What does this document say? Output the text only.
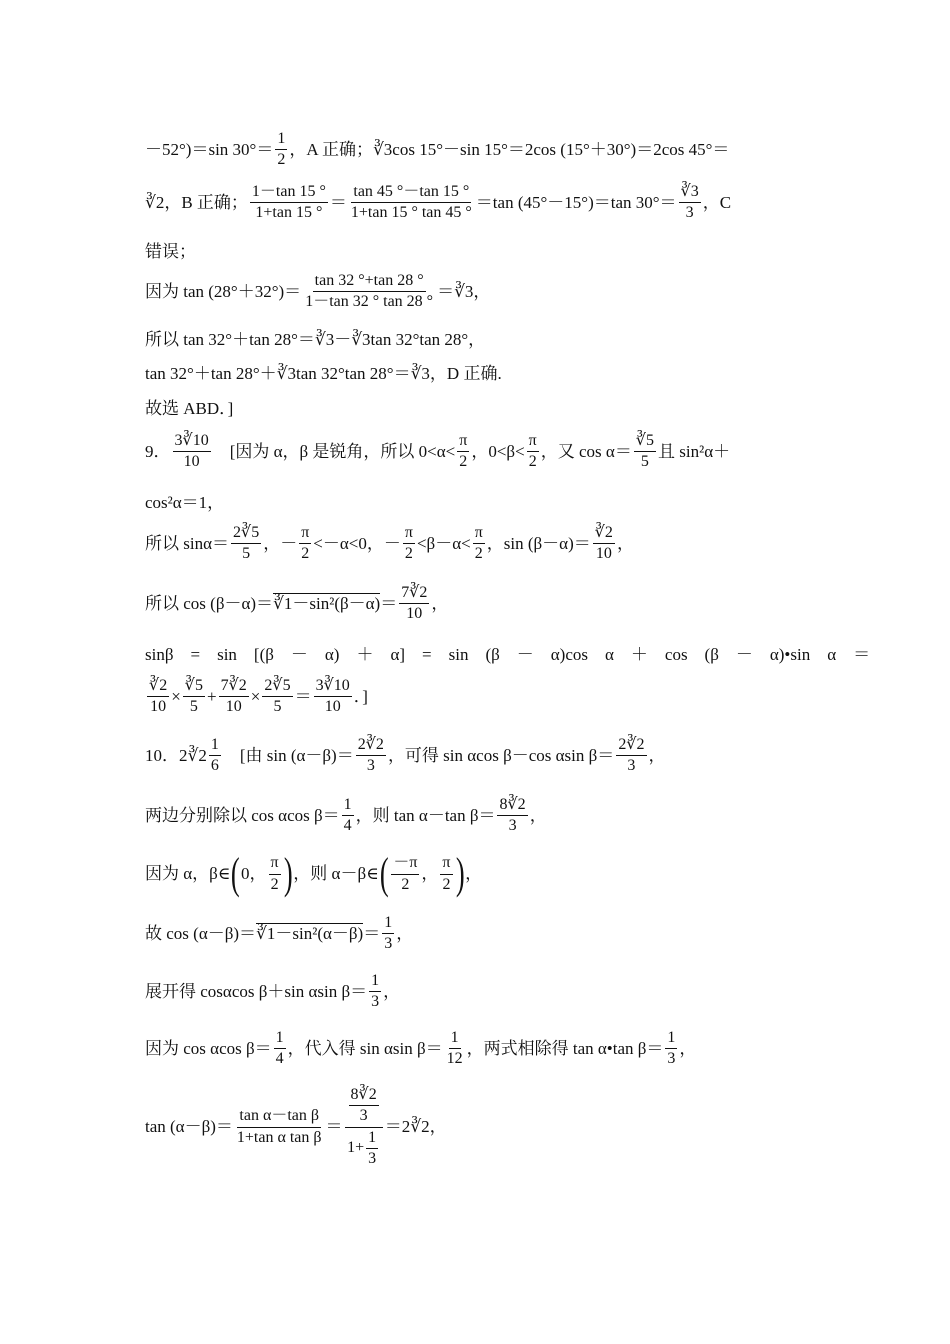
－52°)＝sin $30^\circ= \frac{1}{2}$ ，A 正确；∛3cos 15°－sin 15°＝2cos (15°＋30°)＝2cos 45°＝
∛2，B 正确； $\frac{1-\tan 15 ^\circ}{1+\tan 15 ^\circ} = \frac{\tan 45 ^\circ-\tan 15 ^\circ}{1+\tan 15 ^\circ \tan 45 ^\circ} =\tan$ (45°－15°)＝tan $30^\circ= \frac{∛3}{3}$ ，C
错误；
因为 $\tan (28^\circ+32^\circ)= \frac{\tan 32 ^\circ+\tan 28 ^\circ}{1-\tan 32 ^\circ \tan 28 ^\circ}$ ＝∛3，
所以 tan 32°＋tan 28°＝∛3－∛3tan 32°tan 28°，
tan 32°＋tan 28°＋∛3tan 32°tan 28°＝∛3，D 正确.
故选 ABD．]
9． $\frac{3∛10}{10}$ 　[因为 α，β 是锐角，所以 $0<\alpha< \frac{\pi}{2}$ ，$0<\beta< \frac{\pi}{2}$ ，又 $\cos \alpha= \frac{∛5}{5}$ 且 sin²α＋
cos²α＝1，
所以 $\sin\alpha= \frac{2∛5}{5}$ ，－ $\frac{\pi}{2} <-\alpha<0$，－ $\frac{\pi}{2} <\beta-\alpha< \frac{\pi}{2}$ ，$\sin (\beta-\alpha)= \frac{∛2}{10}$ ，
所以 cos (β－α)＝ ∛1－sin²(β－α) ＝ $\frac{7∛2}{10}$ ，
sinβ　=　sin　[(β　－　α)　＋　α]　=　sin　(β　－　α)cos　α　＋　cos　(β　－　α)•sin　α　＝
$\frac{∛2}{10} \times \frac{∛5}{5} + \frac{7∛2}{10} \times \frac{2∛5}{5} = \frac{3∛10}{10}$ ．]
10．2∛2 $\frac{1}{6}$ 　[由 $\sin (\alpha-\beta)= \frac{2∛2}{3}$ ，可得 sin αcos β－cos αsin $\beta= \frac{2∛2}{3}$ ，
两边分别除以 cos αcos $\beta= \frac{1}{4}$ ，则 tan α－tan $\beta= \frac{8∛2}{3}$ ，
因为 α，β∈ ( 0， $\frac{\pi}{2}$ ) ，则 α－β∈ ( $\frac{-\pi}{2}$ ， $\frac{\pi}{2}$ ) ，
故 cos (α－β)＝ ∛1－sin²(α－β) ＝ $\frac{1}{3}$ ，
展开得 cosαcos β＋sin αsin $\beta= \frac{1}{3}$ ，
因为 cos αcos $\beta= \frac{1}{4}$ ，代入得 sin αsin $\beta= \frac{1}{12}$ ，两式相除得 tan α•tan $\beta= \frac{1}{3}$ ，
$\tan (\alpha-\beta)= \frac{\text{tan α－tan β}}{\text{1+tan α tan β}} = \frac{\frac{8∛2}{3}}{1+ \frac{1}{3}}$ ＝2∛2，
